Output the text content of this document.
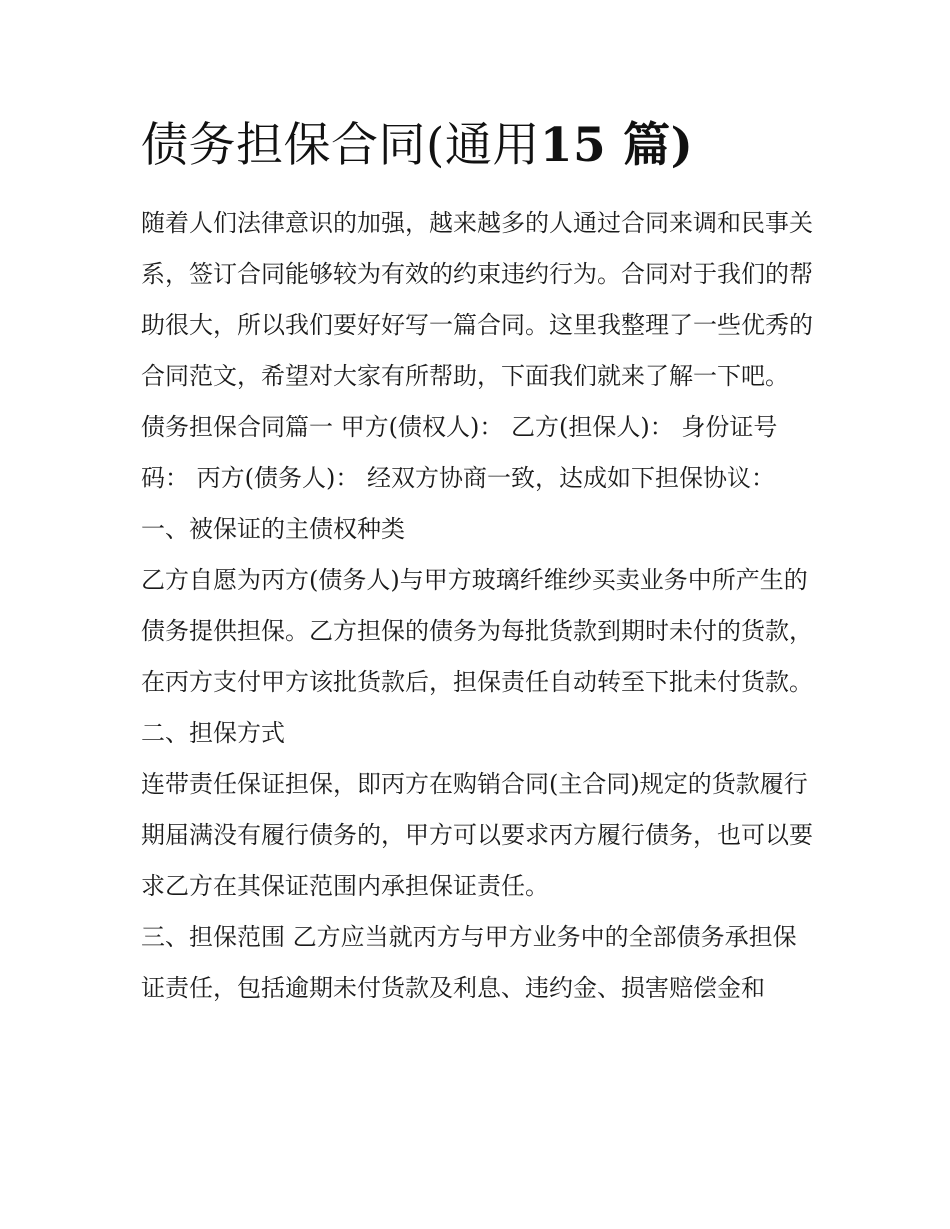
债务担保合同(通用15 篇)

随着人们法律意识的加强，越来越多的人通过合同来调和民事关系，签订合同能够较为有效的约束违约行为。合同对于我们的帮助很大，所以我们要好好写一篇合同。这里我整理了一些优秀的合同范文，希望对大家有所帮助，下面我们就来了解一下吧。

债务担保合同篇一 甲方(债权人)： 乙方(担保人)： 身份证号码： 丙方(债务人)： 经双方协商一致，达成如下担保协议：

一、被保证的主债权种类

乙方自愿为丙方(债务人)与甲方玻璃纤维纱买卖业务中所产生的债务提供担保。乙方担保的债务为每批货款到期时未付的货款，在丙方支付甲方该批货款后，担保责任自动转至下批未付货款。

二、担保方式

连带责任保证担保，即丙方在购销合同(主合同)规定的货款履行期届满没有履行债务的，甲方可以要求丙方履行债务，也可以要求乙方在其保证范围内承担保证责任。

三、担保范围 乙方应当就丙方与甲方业务中的全部债务承担保证责任，包括逾期未付货款及利息、违约金、损害赔偿金和
